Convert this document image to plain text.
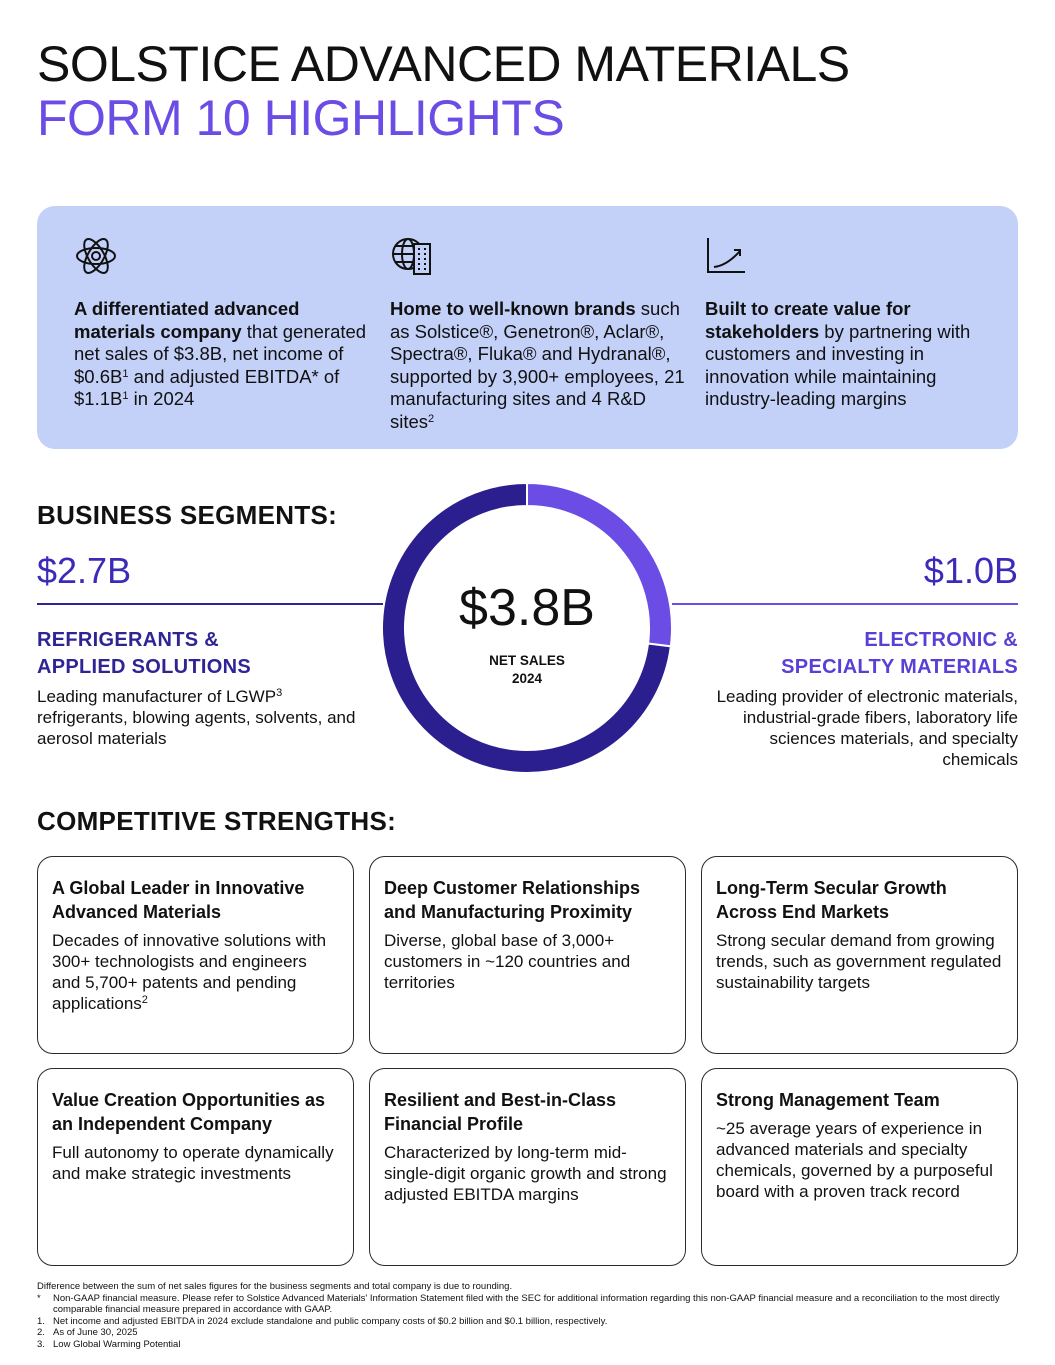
SOLSTICE ADVANCED MATERIALS
FORM 10 HIGHLIGHTS
A differentiated advanced materials company that generated net sales of $3.8B, net income of $\$0.6B^1$ and adjusted EBITDA* of $\$1.1B^1$ in 2024
Home to well-known brands such as Solstice®, Genetron®, Aclar®, Spectra®, Fluka® and Hydranal®, supported by 3,900+ employees, 21 manufacturing sites and 4 R&D sites$^2$
Built to create value for stakeholders by partnering with customers and investing in innovation while maintaining industry-leading margins
BUSINESS SEGMENTS:
$2.7B	$1.0B
REFRIGERANTS &
APPLIED SOLUTIONS
ELECTRONIC &
SPECIALTY MATERIALS
Leading manufacturer of LGWP$^3$ refrigerants, blowing agents, solvents, and aerosol materials
Leading provider of electronic materials, industrial-grade fibers, laboratory life sciences materials, and specialty chemicals
$3.8B
NET SALES
2024
COMPETITIVE STRENGTHS:
A Global Leader in Innovative Advanced Materials
Decades of innovative solutions with 300+ technologists and engineers and 5,700+ patents and pending applications$^2$
Deep Customer Relationships and Manufacturing Proximity
Diverse, global base of 3,000+ customers in ~120 countries and territories
Long-Term Secular Growth Across End Markets
Strong secular demand from growing trends, such as government regulated sustainability targets
Value Creation Opportunities as an Independent Company
Full autonomy to operate dynamically and make strategic investments
Resilient and Best-in-Class Financial Profile
Characterized by long-term mid-single-digit organic growth and strong adjusted EBITDA margins
Strong Management Team
~25 average years of experience in advanced materials and specialty chemicals, governed by a purposeful board with a proven track record
Difference between the sum of net sales figures for the business segments and total company is due to rounding.
*	Non-GAAP financial measure. Please refer to Solstice Advanced Materials' Information Statement filed with the SEC for additional information regarding this non-GAAP financial measure and a reconciliation to the most directly comparable financial measure prepared in accordance with GAAP.
1. Net income and adjusted EBITDA in 2024 exclude standalone and public company costs of $0.2 billion and $0.1 billion, respectively.
2. As of June 30, 2025
3. Low Global Warming Potential
